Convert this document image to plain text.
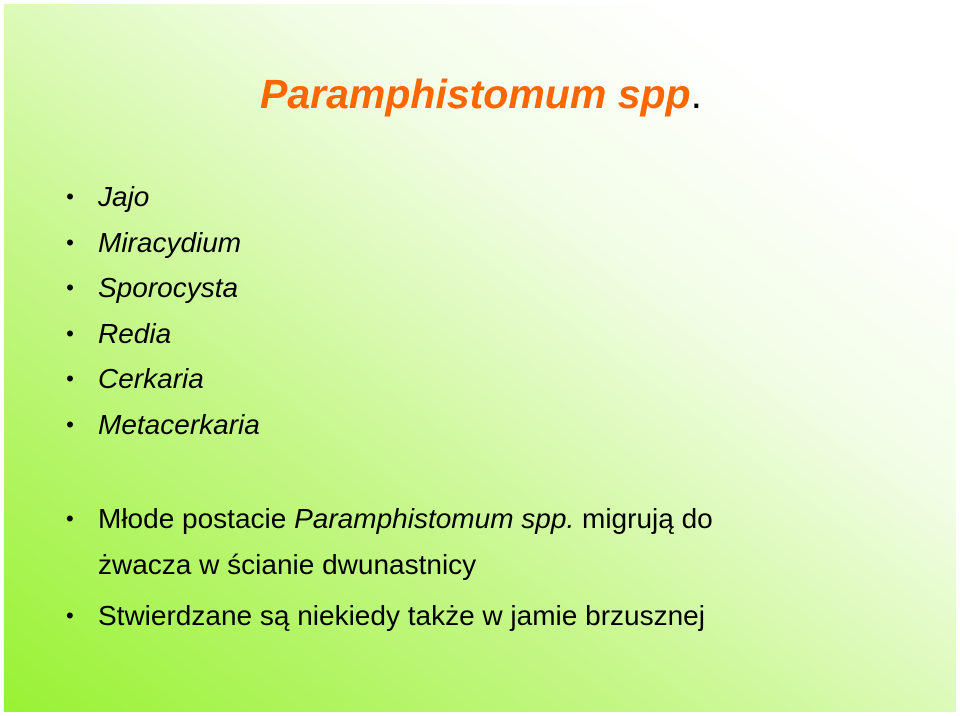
Paramphistomum spp.
• Jajo
• Miracydium
• Sporocysta
• Redia
• Cerkaria
• Metacerkaria
• Młode postacie Paramphistomum spp. migrują do
żwacza w ścianie dwunastnicy
• Stwierdzane są niekiedy także w jamie brzusznej
